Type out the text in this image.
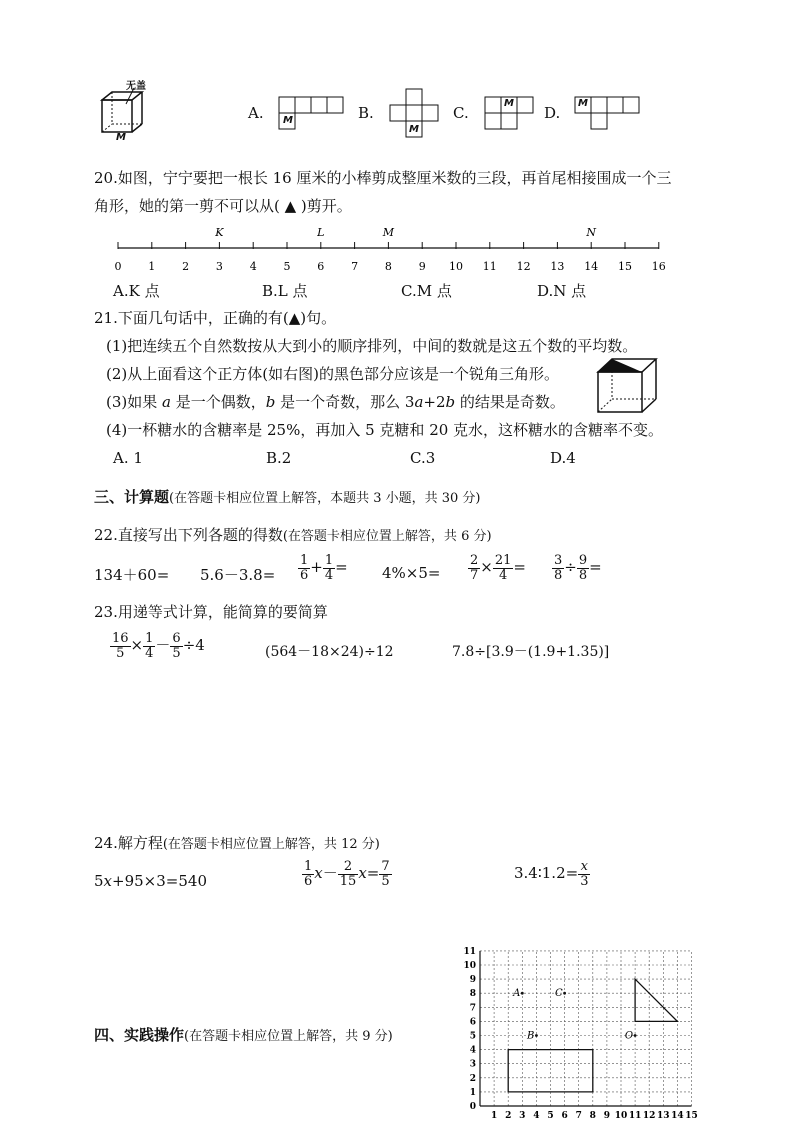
无盖
M
A. M	B.
M
C.
M
D.
M
20.如图，宁宁要把一根长 16 厘米的小棒剪成整厘米数的三段，再首尾相接围成一个三
角形，她的第一剪不可以从( ▲ )剪开。
0 1 2 3 4 5 6 7 8 9 10 11 12 13 14 15 16
K	L	M	N
A.K 点	B.L 点	C.M 点	D.N 点
21.下面几句话中，正确的有(▲)句。
(1)把连续五个自然数按从大到小的顺序排列，中间的数就是这五个数的平均数。
(2)从上面看这个正方体(如右图)的黑色部分应该是一个锐角三角形。
(3)如果 a 是一个偶数，b 是一个奇数，那么 3a+2b 的结果是奇数。
(4)一杯糖水的含糖率是 25%，再加入 5 克糖和 20 克水，这杯糖水的含糖率不变。
A. 1	B.2	C.3	D.4
三、计算题(在答题卡相应位置上解答，本题共 3 小题，共 30 分)
22.直接写出下列各题的得数(在答题卡相应位置上解答，共 6 分)
$134+60= 5.6-3.8= \frac{1}{6} + \frac{1}{4} = 4\%\times 5= \frac{2}{7} \times \frac{21}{4} = \frac{3}{8} \div \frac{9}{8}$ =
23.用递等式计算，能简算的要简算
$\frac{16}{5} \times \frac{1}{4} - \frac{6}{5} \div 4$	(564－18×24)÷12	7.8÷[3.9－(1.9+1.35)]
24.解方程(在答题卡相应位置上解答，共 12 分)
5x+95×3=540	$\frac{1}{6} x- \frac{2}{15} x= \frac{7}{5}$	3.4∶1.2= $\frac{x}{3}$
四、实践操作(在答题卡相应位置上解答，共 9 分)
1 2 3 4 5 6 7 8 9 10 11 12 13 14 15
0
1
2
3
4
5
6
7
8
9
10
11
A
B
C
O
